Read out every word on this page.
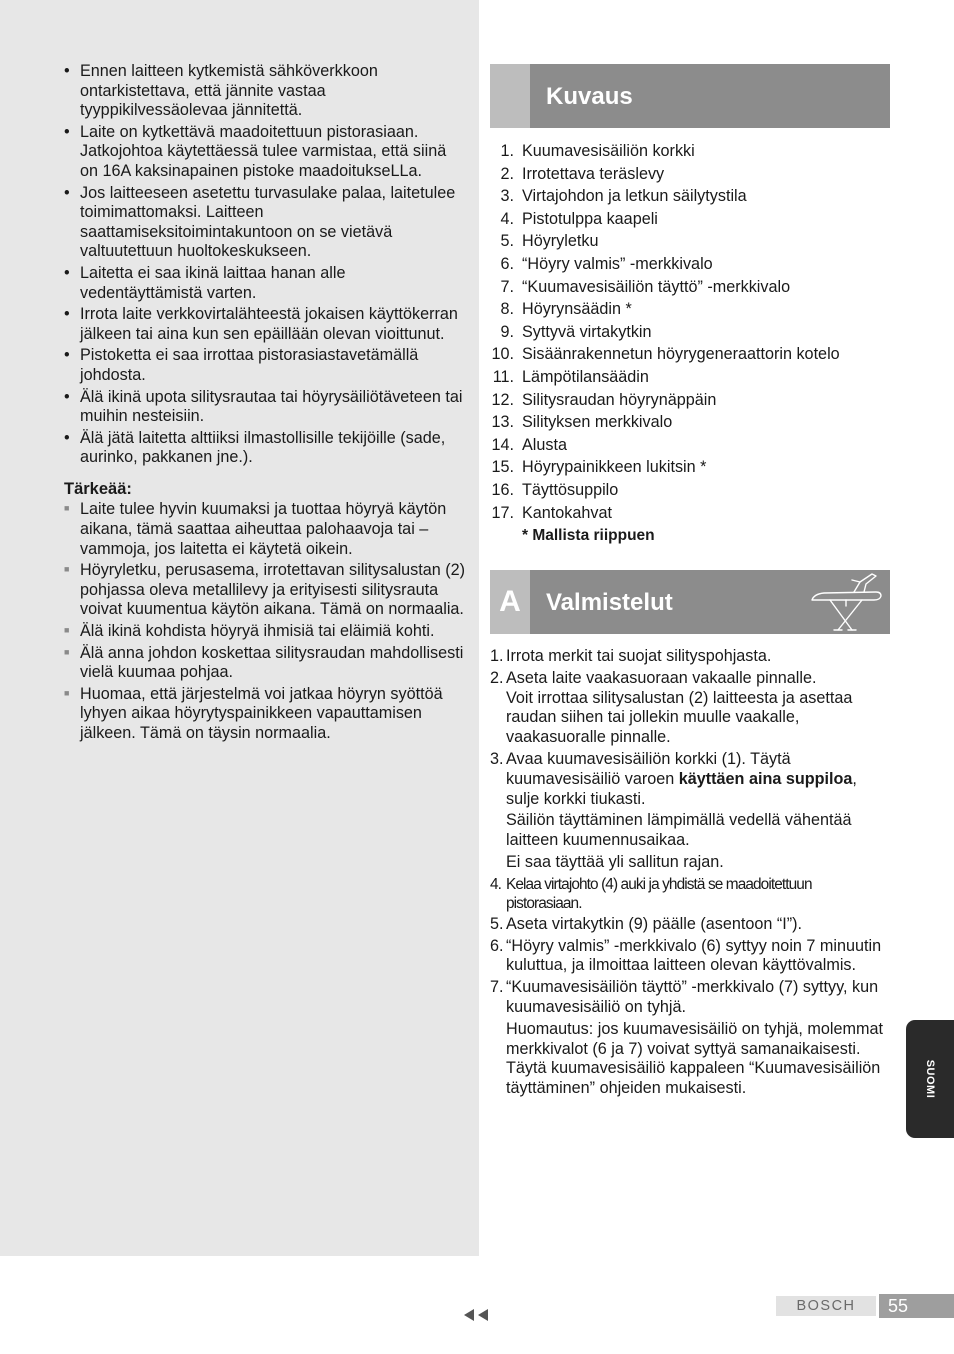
• Ennen laitteen kytkemistä sähköverkkoon ontarkistettava, että jännite vastaa tyyppikilvessäolevaa jännitettä.
• Laite on kytkettävä maadoitettuun pistorasiaan. Jatkojohtoa käytettäessä tulee varmistaa, että siinä on 16A kaksinapainen pistoke maadoitukseLLa.
• Jos laitteeseen asetettu turvasulake palaa, laitetulee toimimattomaksi. Laitteen saattamiseksitoimintakuntoon on se vietävä valtuutettuun huoltokeskukseen.
• Laitetta ei saa ikinä laittaa hanan alle vedentäyttämistä varten.
• Irrota laite verkkovirtalähteestä jokaisen käyttökerran jälkeen tai aina kun sen epäillään olevan vioittunut.
• Pistoketta ei saa irrottaa pistorasiastavetämällä johdosta.
• Älä ikinä upota silitysrautaa tai höyrysäiliötäveteen tai muihin nesteisiin.
• Älä jätä laitetta alttiiksi ilmastollisille tekijöille (sade, aurinko, pakkanen jne.).
Tärkeää:
■ Laite tulee hyvin kuumaksi ja tuottaa höyryä käytön aikana, tämä saattaa aiheuttaa palohaavoja tai –vammoja, jos laitetta ei käytetä oikein.
■ Höyryletku, perusasema, irrotettavan silitysalustan (2) pohjassa oleva metallilevy ja erityisesti silitysrauta voivat kuumentua käytön aikana. Tämä on normaalia.
■ Älä ikinä kohdista höyryä ihmisiä tai eläimiä kohti.
■ Älä anna johdon koskettaa silitysraudan mahdollisesti vielä kuumaa pohjaa.
■ Huomaa, että järjestelmä voi jatkaa höyryn syöttöä lyhyen aikaa höyrytyspainikkeen vapauttamisen jälkeen. Tämä on täysin normaalia.
Kuvaus
1. Kuumavesisäiliön korkki
2. Irrotettava teräslevy
3. Virtajohdon ja letkun säilytystila
4. Pistotulppa kaapeli
5. Höyryletku
6. “Höyry valmis” -merkkivalo
7. “Kuumavesisäiliön täyttö” -merkkivalo
8. Höyrynsäädin *
9. Syttyvä virtakytkin
10. Sisäänrakennetun höyrygeneraattorin kotelo
11. Lämpötilansäädin
12. Silitysraudan höyrynäppäin
13. Silityksen merkkivalo
14. Alusta
15. Höyrypainikkeen lukitsin *
16. Täyttösuppilo
17. Kantokahvat
* Mallista riippuen
A	Valmistelut
1. Irrota merkit tai suojat silityspohjasta.
2. Aseta laite vaakasuoraan vakaalle pinnalle.
Voit irrottaa silitysalustan (2) laitteesta ja asettaa raudan siihen tai jollekin muulle vaakalle, vaakasuoralle pinnalle.
3. Avaa kuumavesisäiliön korkki (1). Täytä kuumavesisäiliö varoen käyttäen aina suppiloa, sulje korkki tiukasti.
Säiliön täyttäminen lämpimällä vedellä vähentää laitteen kuumennusaikaa.
Ei saa täyttää yli sallitun rajan.
4. Kelaa virtajohto (4) auki ja yhdistä se maadoitettuun pistorasiaan.
5. Aseta virtakytkin (9) päälle (asentoon “I”).
6. “Höyry valmis” -merkkivalo (6) syttyy noin 7 minuutin kuluttua, ja ilmoittaa laitteen olevan käyttövalmis.
7. “Kuumavesisäiliön täyttö” -merkkivalo (7) syttyy, kun kuumavesisäiliö on tyhjä.
Huomautus: jos kuumavesisäiliö on tyhjä, molemmat merkkivalot (6 ja 7) voivat syttyä samanaikaisesti. Täytä kuumavesisäiliö kappaleen “Kuumavesisäiliön täyttäminen” ohjeiden mukaisesti.	SUOMI
BOSCH	55
